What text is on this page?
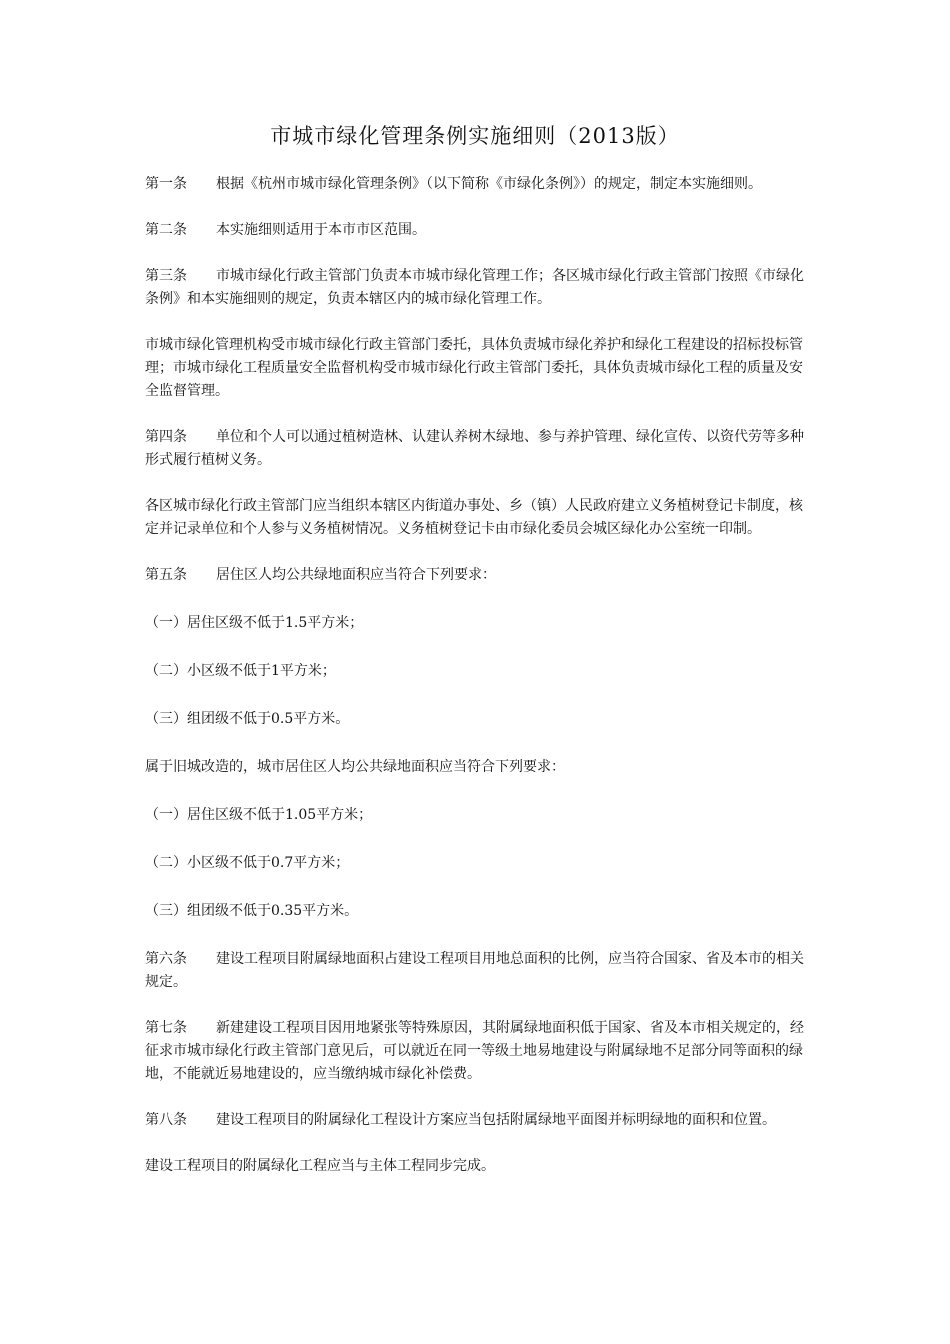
市城市绿化管理条例实施细则（2013版）

第一条 根据《杭州市城市绿化管理条例》（以下简称《市绿化条例》）的规定，制定本实施细则。

第二条 本实施细则适用于本市市区范围。

第三条 市城市绿化行政主管部门负责本市城市绿化管理工作；各区城市绿化行政主管部门按照《市绿化条例》和本实施细则的规定，负责本辖区内的城市绿化管理工作。

市城市绿化管理机构受市城市绿化行政主管部门委托，具体负责城市绿化养护和绿化工程建设的招标投标管理；市城市绿化工程质量安全监督机构受市城市绿化行政主管部门委托，具体负责城市绿化工程的质量及安全监督管理。

第四条 单位和个人可以通过植树造林、认建认养树木绿地、参与养护管理、绿化宣传、以资代劳等多种形式履行植树义务。

各区城市绿化行政主管部门应当组织本辖区内街道办事处、乡（镇）人民政府建立义务植树登记卡制度，核定并记录单位和个人参与义务植树情况。义务植树登记卡由市绿化委员会城区绿化办公室统一印制。

第五条 居住区人均公共绿地面积应当符合下列要求：

（一）居住区级不低于1.5平方米；

（二）小区级不低于1平方米；

（三）组团级不低于0.5平方米。

属于旧城改造的，城市居住区人均公共绿地面积应当符合下列要求：

（一）居住区级不低于1.05平方米；

（二）小区级不低于0.7平方米；

（三）组团级不低于0.35平方米。

第六条 建设工程项目附属绿地面积占建设工程项目用地总面积的比例，应当符合国家、省及本市的相关规定。

第七条 新建建设工程项目因用地紧张等特殊原因，其附属绿地面积低于国家、省及本市相关规定的，经征求市城市绿化行政主管部门意见后，可以就近在同一等级土地易地建设与附属绿地不足部分同等面积的绿地，不能就近易地建设的，应当缴纳城市绿化补偿费。

第八条 建设工程项目的附属绿化工程设计方案应当包括附属绿地平面图并标明绿地的面积和位置。

建设工程项目的附属绿化工程应当与主体工程同步完成。
